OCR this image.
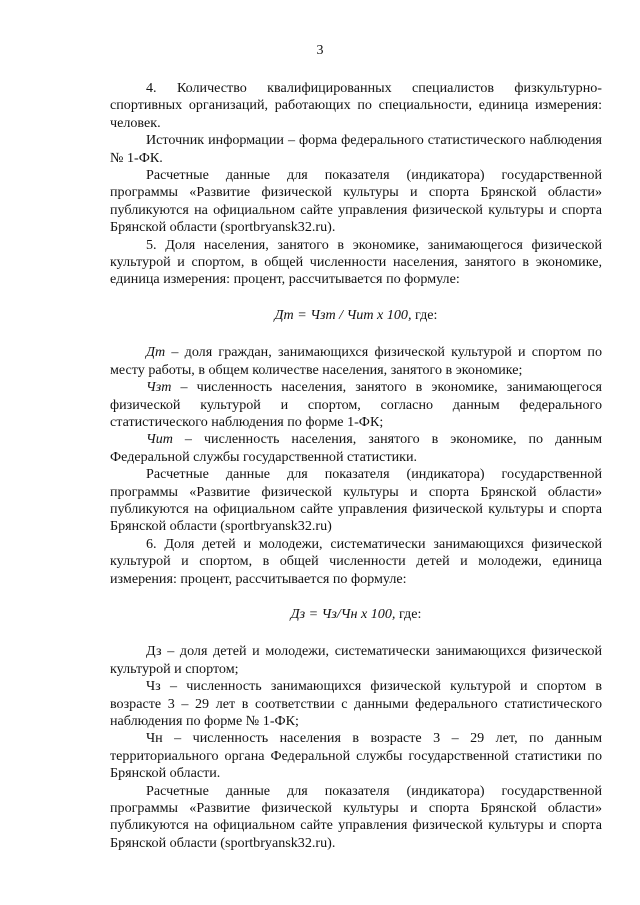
3

4. Количество квалифицированных специалистов физкультурно-спортивных организаций, работающих по специальности, единица измерения: человек.

Источник информации – форма федерального статистического наблюдения № 1-ФК.

Расчетные данные для показателя (индикатора) государственной программы «Развитие физической культуры и спорта Брянской области» публикуются на официальном сайте управления физической культуры и спорта Брянской области (sportbryansk32.ru).

5. Доля населения, занятого в экономике, занимающегося физической культурой и спортом, в общей численности населения, занятого в экономике, единица измерения: процент, рассчитывается по формуле:

Дт = Чзт / Чит х 100, где:

Дт – доля граждан, занимающихся физической культурой и спортом по месту работы, в общем количестве населения, занятого в экономике;

Чзт – численность населения, занятого в экономике, занимающегося физической культурой и спортом, согласно данным федерального статистического наблюдения по форме 1-ФК;

Чит – численность населения, занятого в экономике, по данным Федеральной службы государственной статистики.

Расчетные данные для показателя (индикатора) государственной программы «Развитие физической культуры и спорта Брянской области» публикуются на официальном сайте управления физической культуры и спорта Брянской области (sportbryansk32.ru)

6. Доля детей и молодежи, систематически занимающихся физической культурой и спортом, в общей численности детей и молодежи, единица измерения: процент, рассчитывается по формуле:

Дз = Чз/Чн х 100, где:

Дз – доля детей и молодежи, систематически занимающихся физической культурой и спортом;

Чз – численность занимающихся физической культурой и спортом в возрасте 3 – 29 лет в соответствии с данными федерального статистического наблюдения по форме № 1-ФК;

Чн – численность населения в возрасте 3 – 29 лет, по данным территориального органа Федеральной службы государственной статистики по Брянской области.

Расчетные данные для показателя (индикатора) государственной программы «Развитие физической культуры и спорта Брянской области» публикуются на официальном сайте управления физической культуры и спорта Брянской области (sportbryansk32.ru).
